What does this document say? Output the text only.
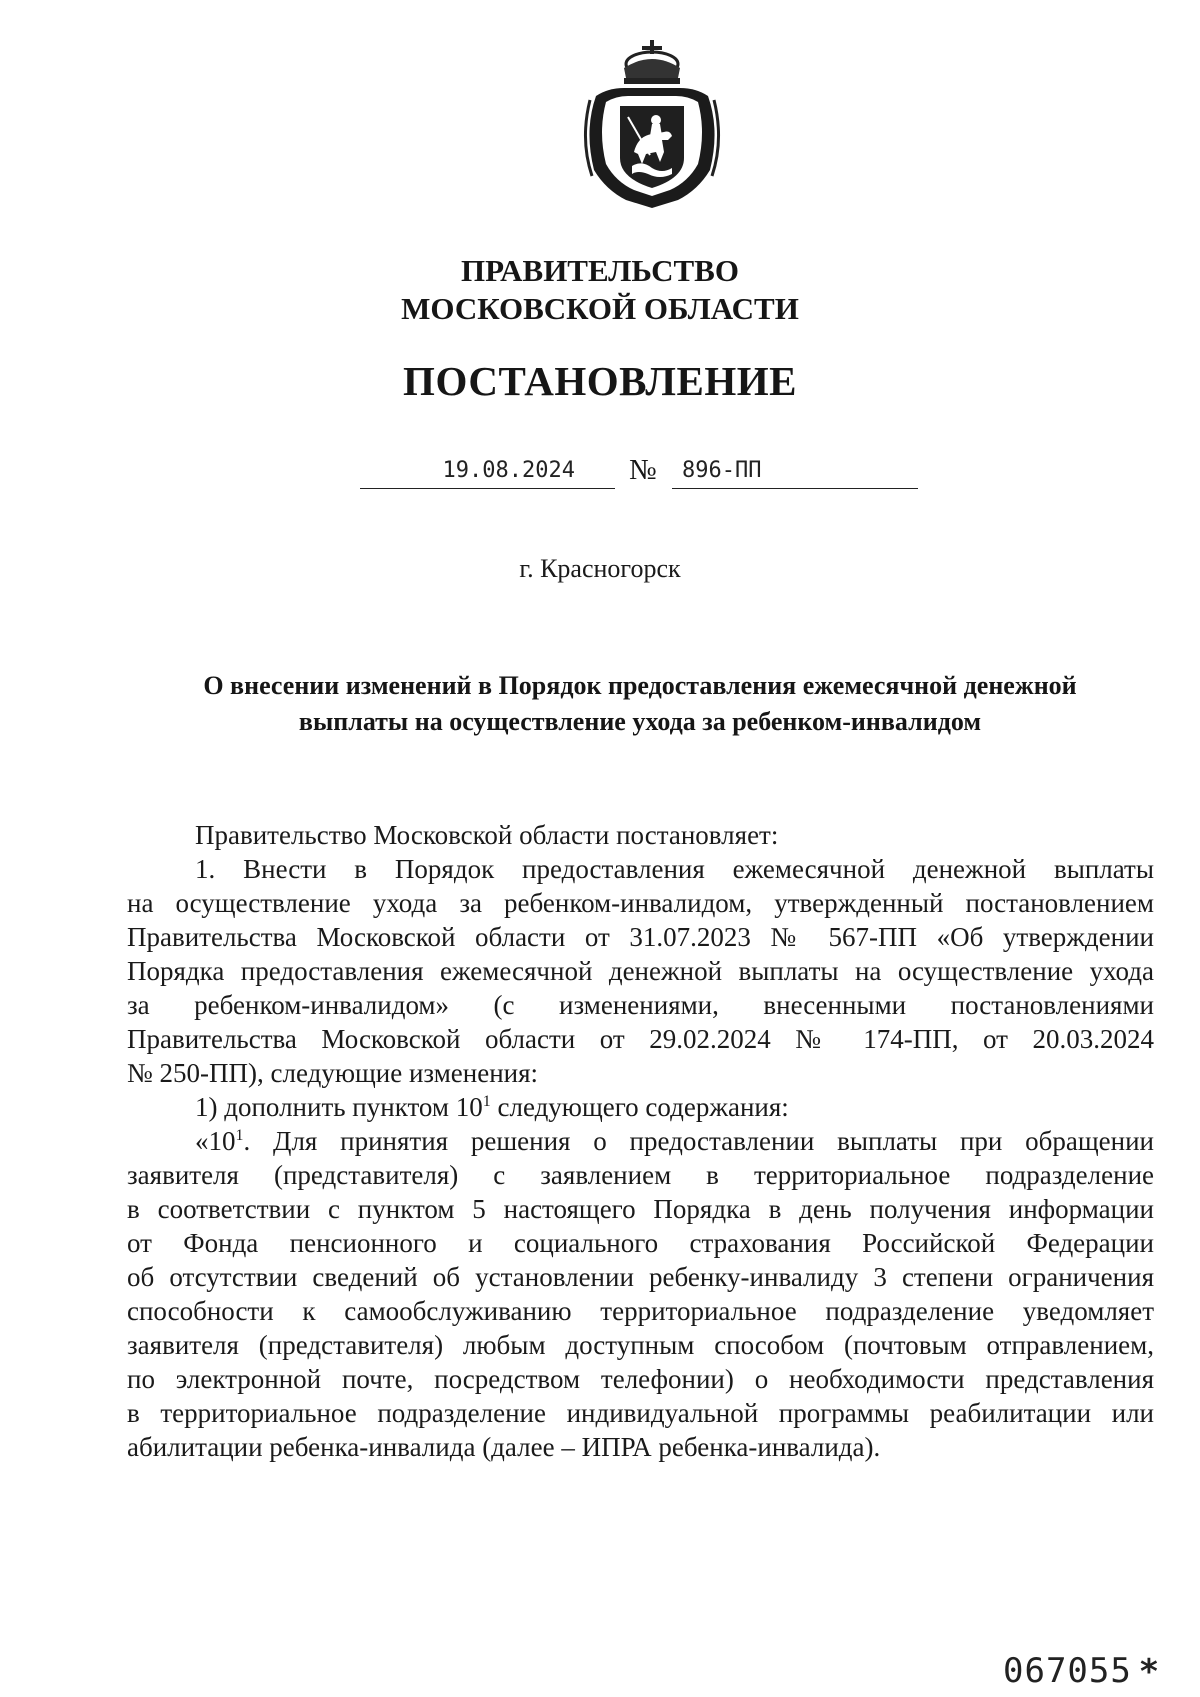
ПРАВИТЕЛЬСТВО
МОСКОВСКОЙ ОБЛАСТИ
ПОСТАНОВЛЕНИЕ
19.08.2024	№	896-ПП
г. Красногорск
О внесении изменений в Порядок предоставления ежемесячной денежной
выплаты на осуществление ухода за ребенком-инвалидом

Правительство Московской области постановляет:

1. Внести в Порядок предоставления ежемесячной денежной выплаты

на осуществление ухода за ребенком-инвалидом, утвержденный постановлением

Правительства Московской области от 31.07.2023 № 567-ПП «Об утверждении

Порядка предоставления ежемесячной денежной выплаты на осуществление ухода

за ребенком-инвалидом» (с изменениями, внесенными постановлениями

Правительства Московской области от 29.02.2024 № 174-ПП, от 20.03.2024

№ 250-ПП), следующие изменения:

1) дополнить пунктом $10^1$ следующего содержания:

«$10^1$. Для принятия решения о предоставлении выплаты при обращении

заявителя (представителя) с заявлением в территориальное подразделение

в соответствии с пунктом 5 настоящего Порядка в день получения информации

от Фонда пенсионного и социального страхования Российской Федерации

об отсутствии сведений об установлении ребенку-инвалиду 3 степени ограничения

способности к самообслуживанию территориальное подразделение уведомляет

заявителя (представителя) любым доступным способом (почтовым отправлением,

по электронной почте, посредством телефонии) о необходимости представления

в территориальное подразделение индивидуальной программы реабилитации или

абилитации ребенка-инвалида (далее – ИПРА ребенка-инвалида).

067055 *
